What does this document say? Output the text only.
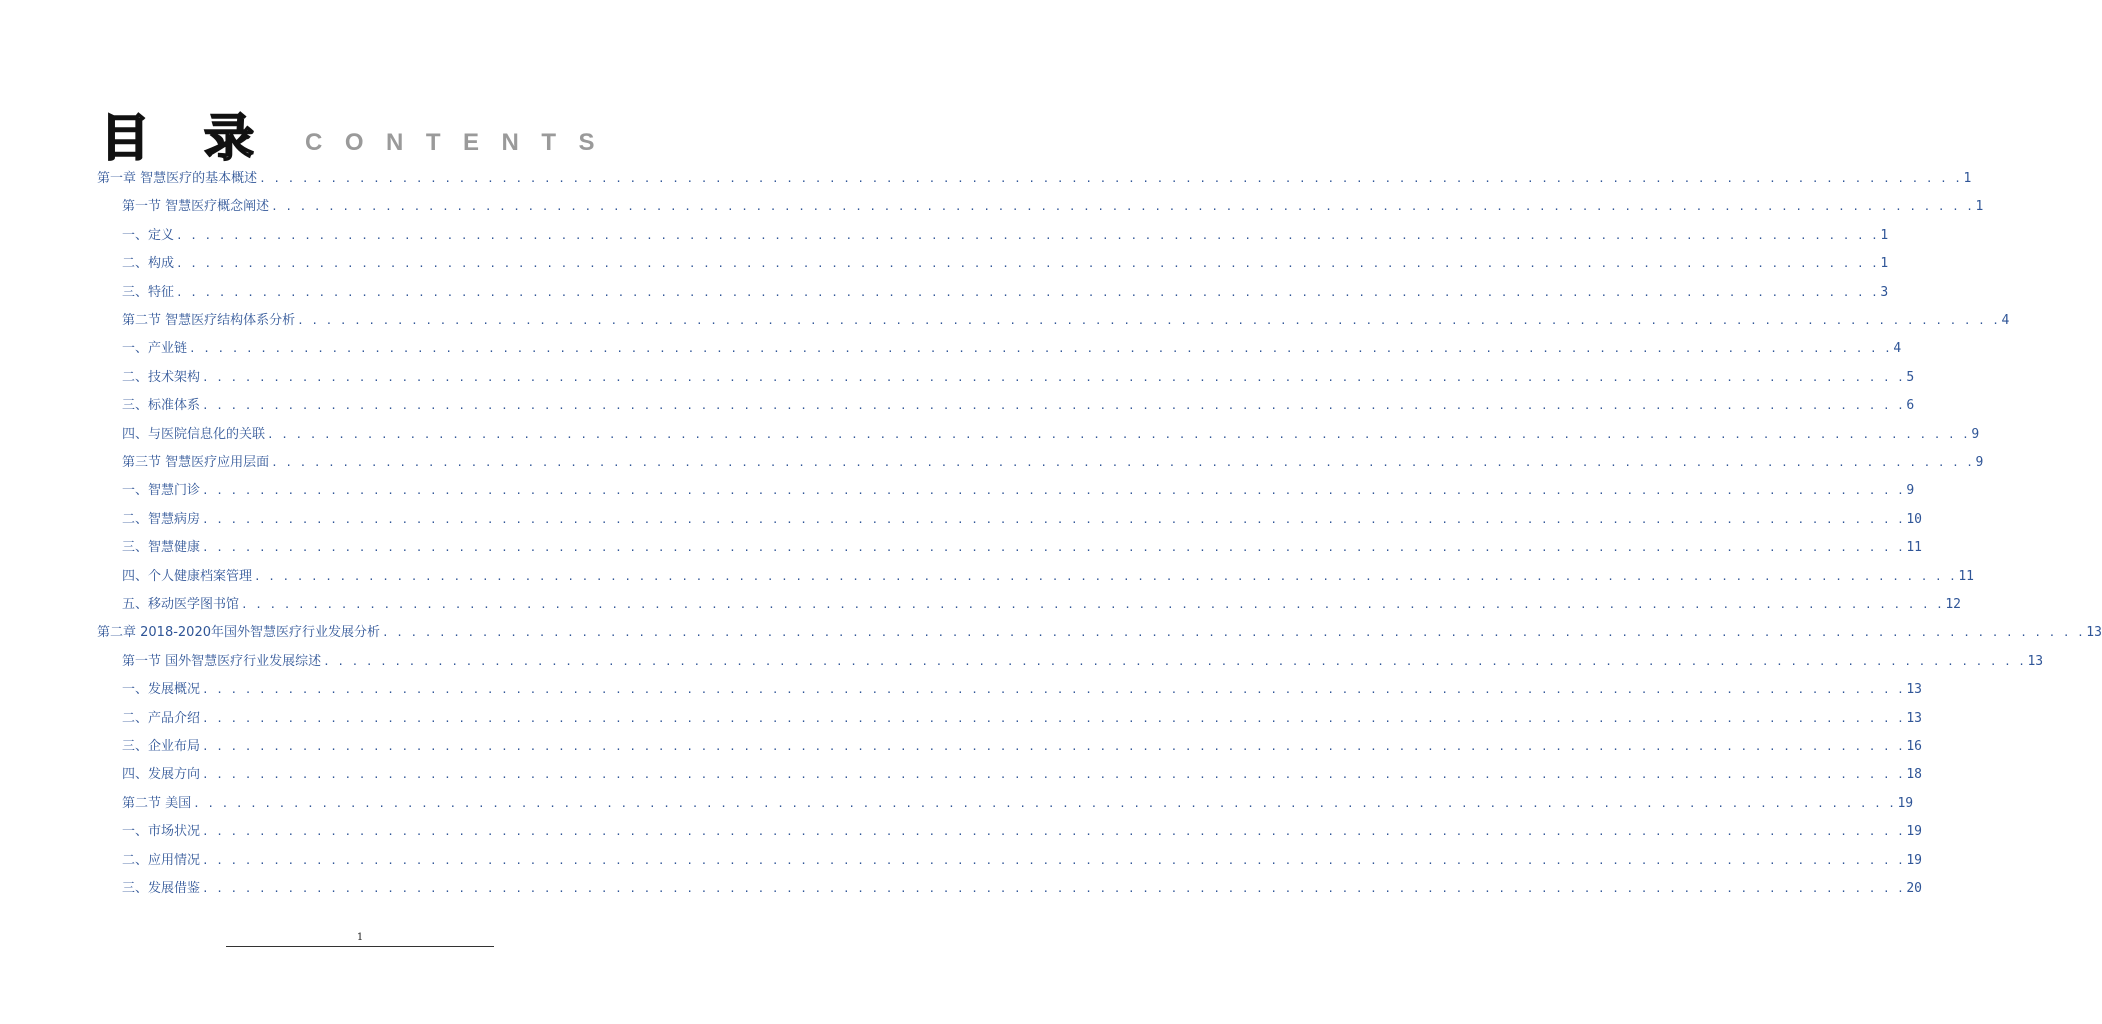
目 录 CONTENTS
第一章 智慧医疗的基本概述 . . . . . . . . . . . . . . . . . . . . . . . . . . . . . . . . . . . . . . . . . . . . . . . . . . . . . . . . . . . . . . . . . . . . . . . . . . . . . . . . . . . . . . . . . . . . . . . . . . . . . . . . . . . . . . . . . . . . . . . . 1
第一节 智慧医疗概念阐述 . . . . . . . . . . . . . . . . . . . . . . . . . . . . . . . . . . . . . . . . . . . . . . . . . . . . . . . . . . . . . . . . . . . . . . . . . . . . . . . . . . . . . . . . . . . . . . . . . . . . . . . . . . . . . . . . . . . . . . . . 1
一、定义 . . . . . . . . . . . . . . . . . . . . . . . . . . . . . . . . . . . . . . . . . . . . . . . . . . . . . . . . . . . . . . . . . . . . . . . . . . . . . . . . . . . . . . . . . . . . . . . . . . . . . . . . . . . . . . . . . . . . . . . . 1
二、构成 . . . . . . . . . . . . . . . . . . . . . . . . . . . . . . . . . . . . . . . . . . . . . . . . . . . . . . . . . . . . . . . . . . . . . . . . . . . . . . . . . . . . . . . . . . . . . . . . . . . . . . . . . . . . . . . . . . . . . . . . 1
三、特征 . . . . . . . . . . . . . . . . . . . . . . . . . . . . . . . . . . . . . . . . . . . . . . . . . . . . . . . . . . . . . . . . . . . . . . . . . . . . . . . . . . . . . . . . . . . . . . . . . . . . . . . . . . . . . . . . . . . . . . . . 3
第二节 智慧医疗结构体系分析 . . . . . . . . . . . . . . . . . . . . . . . . . . . . . . . . . . . . . . . . . . . . . . . . . . . . . . . . . . . . . . . . . . . . . . . . . . . . . . . . . . . . . . . . . . . . . . . . . . . . . . . . . . . . . . . . . . . . . . . . 4
一、产业链 . . . . . . . . . . . . . . . . . . . . . . . . . . . . . . . . . . . . . . . . . . . . . . . . . . . . . . . . . . . . . . . . . . . . . . . . . . . . . . . . . . . . . . . . . . . . . . . . . . . . . . . . . . . . . . . . . . . . . . . . 4
二、技术架构 . . . . . . . . . . . . . . . . . . . . . . . . . . . . . . . . . . . . . . . . . . . . . . . . . . . . . . . . . . . . . . . . . . . . . . . . . . . . . . . . . . . . . . . . . . . . . . . . . . . . . . . . . . . . . . . . . . . . . . . . 5
三、标准体系 . . . . . . . . . . . . . . . . . . . . . . . . . . . . . . . . . . . . . . . . . . . . . . . . . . . . . . . . . . . . . . . . . . . . . . . . . . . . . . . . . . . . . . . . . . . . . . . . . . . . . . . . . . . . . . . . . . . . . . . . 6
四、与医院信息化的关联 . . . . . . . . . . . . . . . . . . . . . . . . . . . . . . . . . . . . . . . . . . . . . . . . . . . . . . . . . . . . . . . . . . . . . . . . . . . . . . . . . . . . . . . . . . . . . . . . . . . . . . . . . . . . . . . . . . . . . . . . 9
第三节 智慧医疗应用层面 . . . . . . . . . . . . . . . . . . . . . . . . . . . . . . . . . . . . . . . . . . . . . . . . . . . . . . . . . . . . . . . . . . . . . . . . . . . . . . . . . . . . . . . . . . . . . . . . . . . . . . . . . . . . . . . . . . . . . . . . 9
一、智慧门诊 . . . . . . . . . . . . . . . . . . . . . . . . . . . . . . . . . . . . . . . . . . . . . . . . . . . . . . . . . . . . . . . . . . . . . . . . . . . . . . . . . . . . . . . . . . . . . . . . . . . . . . . . . . . . . . . . . . . . . . . . 9
二、智慧病房 . . . . . . . . . . . . . . . . . . . . . . . . . . . . . . . . . . . . . . . . . . . . . . . . . . . . . . . . . . . . . . . . . . . . . . . . . . . . . . . . . . . . . . . . . . . . . . . . . . . . . . . . . . . . . . . . . . . . . . . . 10
三、智慧健康 . . . . . . . . . . . . . . . . . . . . . . . . . . . . . . . . . . . . . . . . . . . . . . . . . . . . . . . . . . . . . . . . . . . . . . . . . . . . . . . . . . . . . . . . . . . . . . . . . . . . . . . . . . . . . . . . . . . . . . . . 11
四、个人健康档案管理 . . . . . . . . . . . . . . . . . . . . . . . . . . . . . . . . . . . . . . . . . . . . . . . . . . . . . . . . . . . . . . . . . . . . . . . . . . . . . . . . . . . . . . . . . . . . . . . . . . . . . . . . . . . . . . . . . . . . . . . . 11
五、移动医学图书馆 . . . . . . . . . . . . . . . . . . . . . . . . . . . . . . . . . . . . . . . . . . . . . . . . . . . . . . . . . . . . . . . . . . . . . . . . . . . . . . . . . . . . . . . . . . . . . . . . . . . . . . . . . . . . . . . . . . . . . . . . 12
第二章 2018-2020年国外智慧医疗行业发展分析 . . . . . . . . . . . . . . . . . . . . . . . . . . . . . . . . . . . . . . . . . . . . . . . . . . . . . . . . . . . . . . . . . . . . . . . . . . . . . . . . . . . . . . . . . . . . . . . . . . . . . . . . . . . . . . . . . . . . . . . . 13
第一节 国外智慧医疗行业发展综述 . . . . . . . . . . . . . . . . . . . . . . . . . . . . . . . . . . . . . . . . . . . . . . . . . . . . . . . . . . . . . . . . . . . . . . . . . . . . . . . . . . . . . . . . . . . . . . . . . . . . . . . . . . . . . . . . . . . . . . . . 13
一、发展概况 . . . . . . . . . . . . . . . . . . . . . . . . . . . . . . . . . . . . . . . . . . . . . . . . . . . . . . . . . . . . . . . . . . . . . . . . . . . . . . . . . . . . . . . . . . . . . . . . . . . . . . . . . . . . . . . . . . . . . . . . 13
二、产品介绍 . . . . . . . . . . . . . . . . . . . . . . . . . . . . . . . . . . . . . . . . . . . . . . . . . . . . . . . . . . . . . . . . . . . . . . . . . . . . . . . . . . . . . . . . . . . . . . . . . . . . . . . . . . . . . . . . . . . . . . . . 13
三、企业布局 . . . . . . . . . . . . . . . . . . . . . . . . . . . . . . . . . . . . . . . . . . . . . . . . . . . . . . . . . . . . . . . . . . . . . . . . . . . . . . . . . . . . . . . . . . . . . . . . . . . . . . . . . . . . . . . . . . . . . . . . 16
四、发展方向 . . . . . . . . . . . . . . . . . . . . . . . . . . . . . . . . . . . . . . . . . . . . . . . . . . . . . . . . . . . . . . . . . . . . . . . . . . . . . . . . . . . . . . . . . . . . . . . . . . . . . . . . . . . . . . . . . . . . . . . . 18
第二节 美国 . . . . . . . . . . . . . . . . . . . . . . . . . . . . . . . . . . . . . . . . . . . . . . . . . . . . . . . . . . . . . . . . . . . . . . . . . . . . . . . . . . . . . . . . . . . . . . . . . . . . . . . . . . . . . . . . . . . . . . . . 19
一、市场状况 . . . . . . . . . . . . . . . . . . . . . . . . . . . . . . . . . . . . . . . . . . . . . . . . . . . . . . . . . . . . . . . . . . . . . . . . . . . . . . . . . . . . . . . . . . . . . . . . . . . . . . . . . . . . . . . . . . . . . . . . 19
二、应用情况 . . . . . . . . . . . . . . . . . . . . . . . . . . . . . . . . . . . . . . . . . . . . . . . . . . . . . . . . . . . . . . . . . . . . . . . . . . . . . . . . . . . . . . . . . . . . . . . . . . . . . . . . . . . . . . . . . . . . . . . . 19
三、发展借鉴 . . . . . . . . . . . . . . . . . . . . . . . . . . . . . . . . . . . . . . . . . . . . . . . . . . . . . . . . . . . . . . . . . . . . . . . . . . . . . . . . . . . . . . . . . . . . . . . . . . . . . . . . . . . . . . . . . . . . . . . . 20
1
